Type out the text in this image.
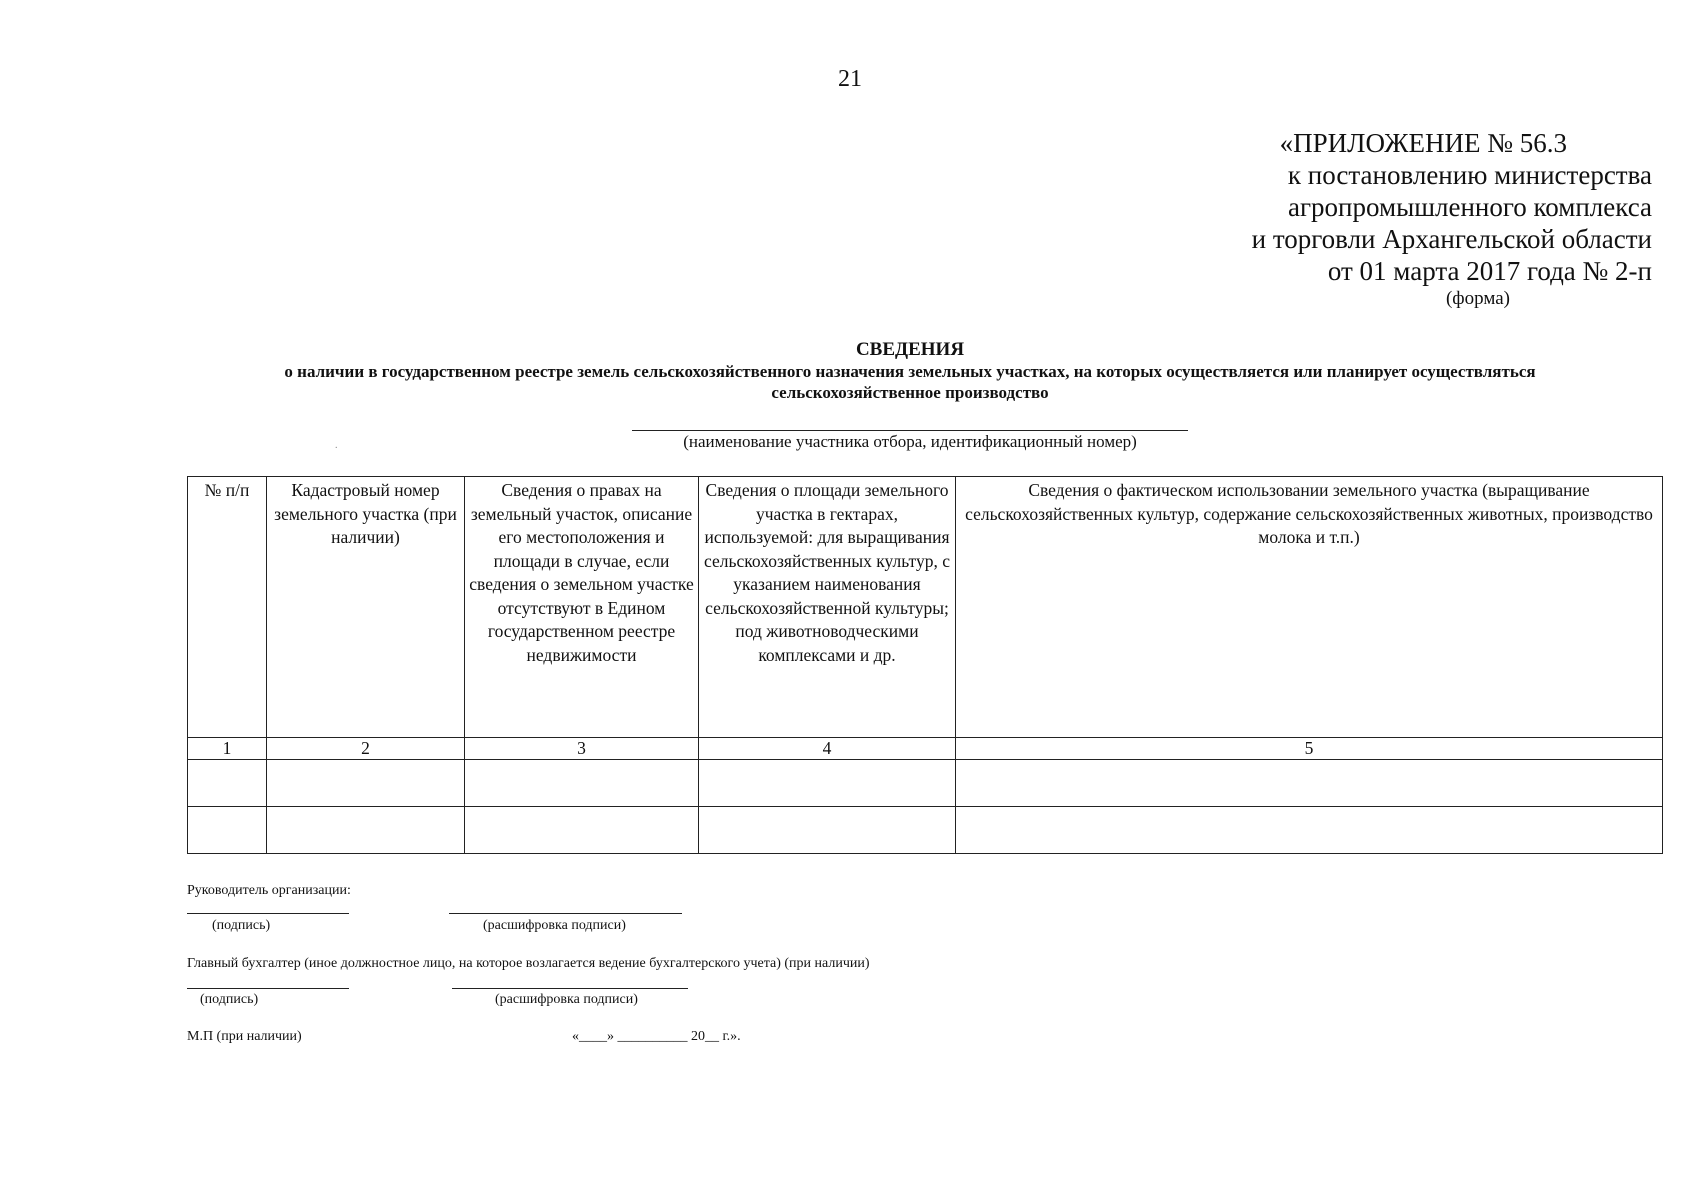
21
«ПРИЛОЖЕНИЕ № 56.3
к постановлению министерства
агропромышленного комплекса
и торговли Архангельской области
от 01 марта 2017 года № 2-п
(форма)
СВЕДЕНИЯ
о наличии в государственном реестре земель сельскохозяйственного назначения земельных участках, на которых осуществляется или планирует осуществляться сельскохозяйственное производство
(наименование участника отбора, идентификационный номер)
.
№ п/п	Кадастровый номер земельного участка (при наличии)	Сведения о правах на земельный участок, описание его местоположения и площади в случае, если сведения о земельном участке отсутствуют в Едином государственном реестре недвижимости	Сведения о площади земельного участка в гектарах, используемой: для выращивания сельскохозяйственных культур, с указанием наименования сельскохозяйственной культуры; под животноводческими комплексами и др.	Сведения о фактическом использовании земельного участка (выращивание сельскохозяйственных культур, содержание сельскохозяйственных животных, производство молока и т.п.)
1	2	3	4	5

Руководитель организации:
(подпись)	(расшифровка подписи)
Главный бухгалтер (иное должностное лицо, на которое возлагается ведение бухгалтерского учета) (при наличии)
(подпись)	(расшифровка подписи)
М.П (при наличии)	«____» __________ 20__ г.».
